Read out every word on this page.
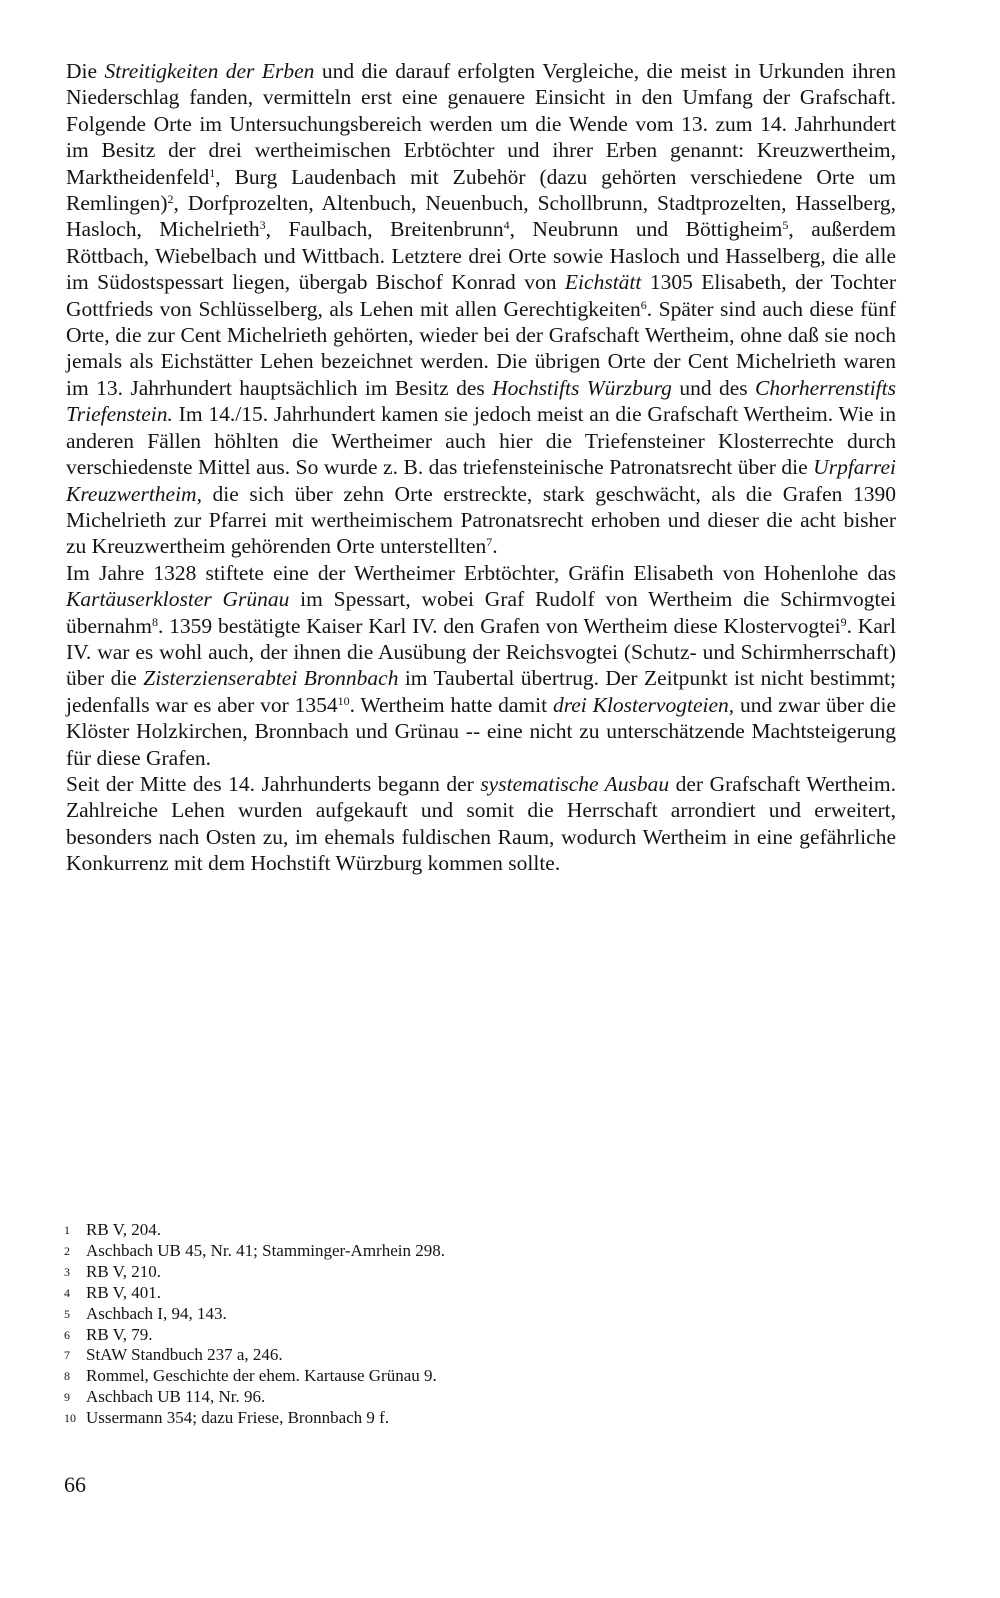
Die Streitigkeiten der Erben und die darauf erfolgten Vergleiche, die meist in Urkunden ihren Niederschlag fanden, vermitteln erst eine genauere Einsicht in den Umfang der Grafschaft. Folgende Orte im Untersuchungsbereich werden um die Wende vom 13. zum 14. Jahrhundert im Besitz der drei wertheimischen Erbtöchter und ihrer Erben genannt: Kreuzwertheim, Marktheidenfeld$^1$, Burg Laudenbach mit Zubehör (dazu gehörten verschiedene Orte um Remlingen)$^2$, Dorfprozelten, Altenbuch, Neuenbuch, Schollbrunn, Stadtprozelten, Hasselberg, Hasloch, Michelrieth$^3$, Faulbach, Breitenbrunn$^4$, Neubrunn und Böttigheim$^5$, außerdem Röttbach, Wiebelbach und Wittbach. Letztere drei Orte sowie Hasloch und Hasselberg, die alle im Südostspessart liegen, übergab Bischof Konrad von Eichstätt 1305 Elisabeth, der Tochter Gottfrieds von Schlüsselberg, als Lehen mit allen Gerechtigkeiten$^6$. Später sind auch diese fünf Orte, die zur Cent Michelrieth gehörten, wieder bei der Grafschaft Wertheim, ohne daß sie noch jemals als Eichstätter Lehen bezeichnet werden. Die übrigen Orte der Cent Michelrieth waren im 13. Jahrhundert hauptsächlich im Besitz des Hochstifts Würzburg und des Chorherrenstifts Triefenstein. Im 14./15. Jahrhundert kamen sie jedoch meist an die Grafschaft Wertheim. Wie in anderen Fällen höhlten die Wertheimer auch hier die Triefensteiner Klosterrechte durch verschiedenste Mittel aus. So wurde z. B. das triefensteinische Patronatsrecht über die Urpfarrei Kreuzwertheim, die sich über zehn Orte erstreckte, stark geschwächt, als die Grafen 1390 Michelrieth zur Pfarrei mit wertheimischem Patronatsrecht erhoben und dieser die acht bisher zu Kreuzwertheim gehörenden Orte unterstellten$^7$.

Im Jahre 1328 stiftete eine der Wertheimer Erbtöchter, Gräfin Elisabeth von Hohenlohe das Kartäuserkloster Grünau im Spessart, wobei Graf Rudolf von Wertheim die Schirmvogtei übernahm$^8$. 1359 bestätigte Kaiser Karl IV. den Grafen von Wertheim diese Klostervogtei$^9$. Karl IV. war es wohl auch, der ihnen die Ausübung der Reichsvogtei (Schutz- und Schirmherrschaft) über die Zisterzienserabtei Bronnbach im Taubertal übertrug. Der Zeitpunkt ist nicht bestimmt; jedenfalls war es aber vor 1354$^{10}$. Wertheim hatte damit drei Klostervogteien, und zwar über die Klöster Holzkirchen, Bronnbach und Grünau -- eine nicht zu unterschätzende Machtsteigerung für diese Grafen.

Seit der Mitte des 14. Jahrhunderts begann der systematische Ausbau der Grafschaft Wertheim. Zahlreiche Lehen wurden aufgekauft und somit die Herrschaft arrondiert und erweitert, besonders nach Osten zu, im ehemals fuldischen Raum, wodurch Wertheim in eine gefährliche Konkurrenz mit dem Hochstift Würzburg kommen sollte.

1 RB V, 204.
2 Aschbach UB 45, Nr. 41; Stamminger-Amrhein 298.
3 RB V, 210.
4 RB V, 401.
5 Aschbach I, 94, 143.
6 RB V, 79.
7 StAW Standbuch 237 a, 246.
8 Rommel, Geschichte der ehem. Kartause Grünau 9.
9 Aschbach UB 114, Nr. 96.
10 Ussermann 354; dazu Friese, Bronnbach 9 f.
66
